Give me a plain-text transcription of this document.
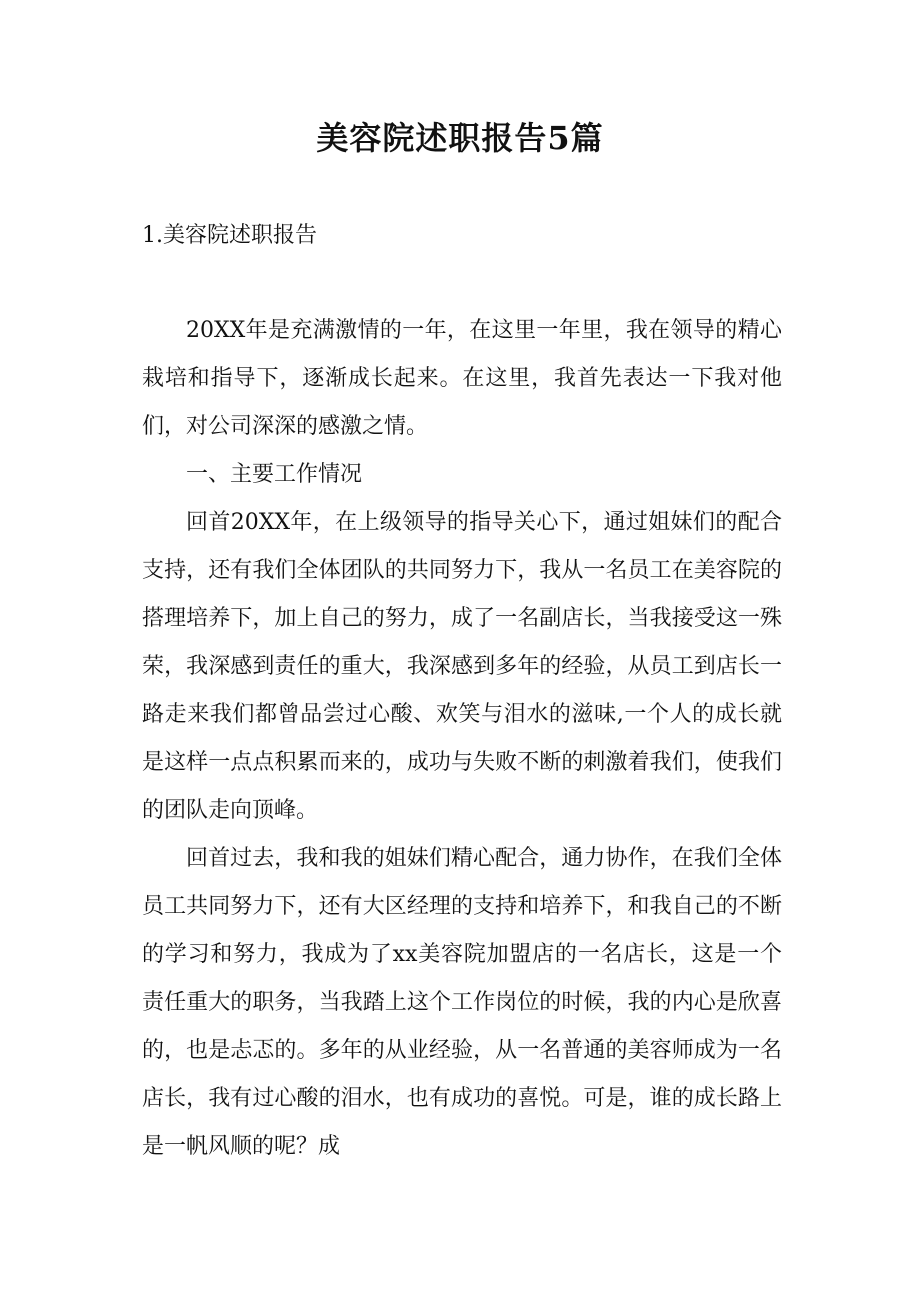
美容院述职报告5篇
1.美容院述职报告

20XX年是充满激情的一年，在这里一年里，我在领导的精心栽培和指导下，逐渐成长起来。在这里，我首先表达一下我对他们，对公司深深的感激之情。

一、主要工作情况

回首20XX年，在上级领导的指导关心下，通过姐妹们的配合支持，还有我们全体团队的共同努力下，我从一名员工在美容院的搭理培养下，加上自己的努力，成了一名副店长，当我接受这一殊荣，我深感到责任的重大，我深感到多年的经验，从员工到店长一路走来我们都曾品尝过心酸、欢笑与泪水的滋味,一个人的成长就是这样一点点积累而来的，成功与失败不断的刺激着我们，使我们的团队走向顶峰。

回首过去，我和我的姐妹们精心配合，通力协作，在我们全体员工共同努力下，还有大区经理的支持和培养下，和我自己的不断的学习和努力，我成为了xx美容院加盟店的一名店长，这是一个责任重大的职务，当我踏上这个工作岗位的时候，我的内心是欣喜的，也是忐忑的。多年的从业经验，从一名普通的美容师成为一名店长，我有过心酸的泪水，也有成功的喜悦。可是，谁的成长路上是一帆风顺的呢？成
